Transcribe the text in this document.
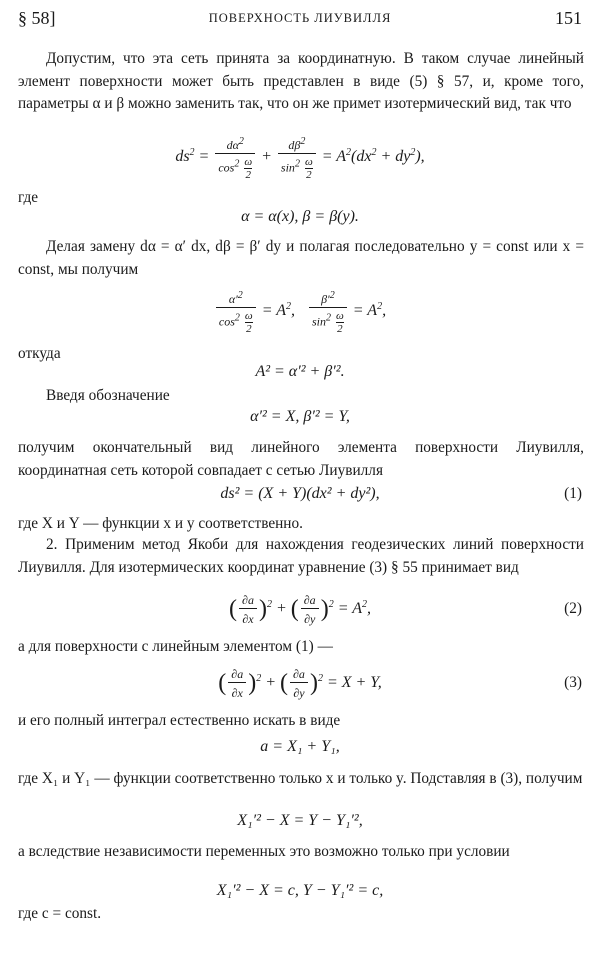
§ 58]	ПОВЕРХНОСТЬ ЛИУВИЛЛЯ	151

Допустим, что эта сеть принята за координатную. В таком случае линейный элемент поверхности может быть представлен в виде (5) § 57, и, кроме того, параметры α и β можно заменить так, что он же примет изотермический вид, так что

$ds^2 = \frac{d\alpha^2}{\cos^2 \frac{\omega}{2}} + \frac{d\beta^2}{\sin^2 \frac{\omega}{2}} = A^2(dx^2 + dy^2)$,

где

α = α(x), β = β(y).

Делая замену dα = α′ dx, dβ = β′ dy и полагая последовательно y = const или x = const, мы получим

$\frac{\alpha'^2}{\cos^2 \frac{\omega}{2}} = A^2$, $\frac{\beta'^2}{\sin^2 \frac{\omega}{2}} = A^2$,

откуда

A² = α′² + β′².

Введя обозначение

α′² = X, β′² = Y,

получим окончательный вид линейного элемента поверхности Лиувилля, координатная сеть которой совпадает с сетью Лиувилля

ds² = (X + Y)(dx² + dy²),	(1)

где X и Y — функции x и y соответственно.

2. Применим метод Якоби для нахождения геодезических линий поверхности Лиувилля. Для изотермических координат уравнение (3) § 55 принимает вид

( $\frac{\partial a}{\partial x} )^2$ + ( $\frac{\partial a}{\partial y} )^2 = A^2$,	(2)

а для поверхности с линейным элементом (1) —

( $\frac{\partial a}{\partial x} )^2$ + ( $\frac{\partial a}{\partial y} )^2 = X + Y$,	(3)

и его полный интеграл естественно искать в виде

a = X₁ + Y₁,

где X₁ и Y₁ — функции соответственно только x и только y. Подставляя в (3), получим

X₁′² − X = Y − Y₁′²,

а вследствие независимости переменных это возможно только при условии

X₁′² − X = c, Y − Y₁′² = c,

где c = const.
